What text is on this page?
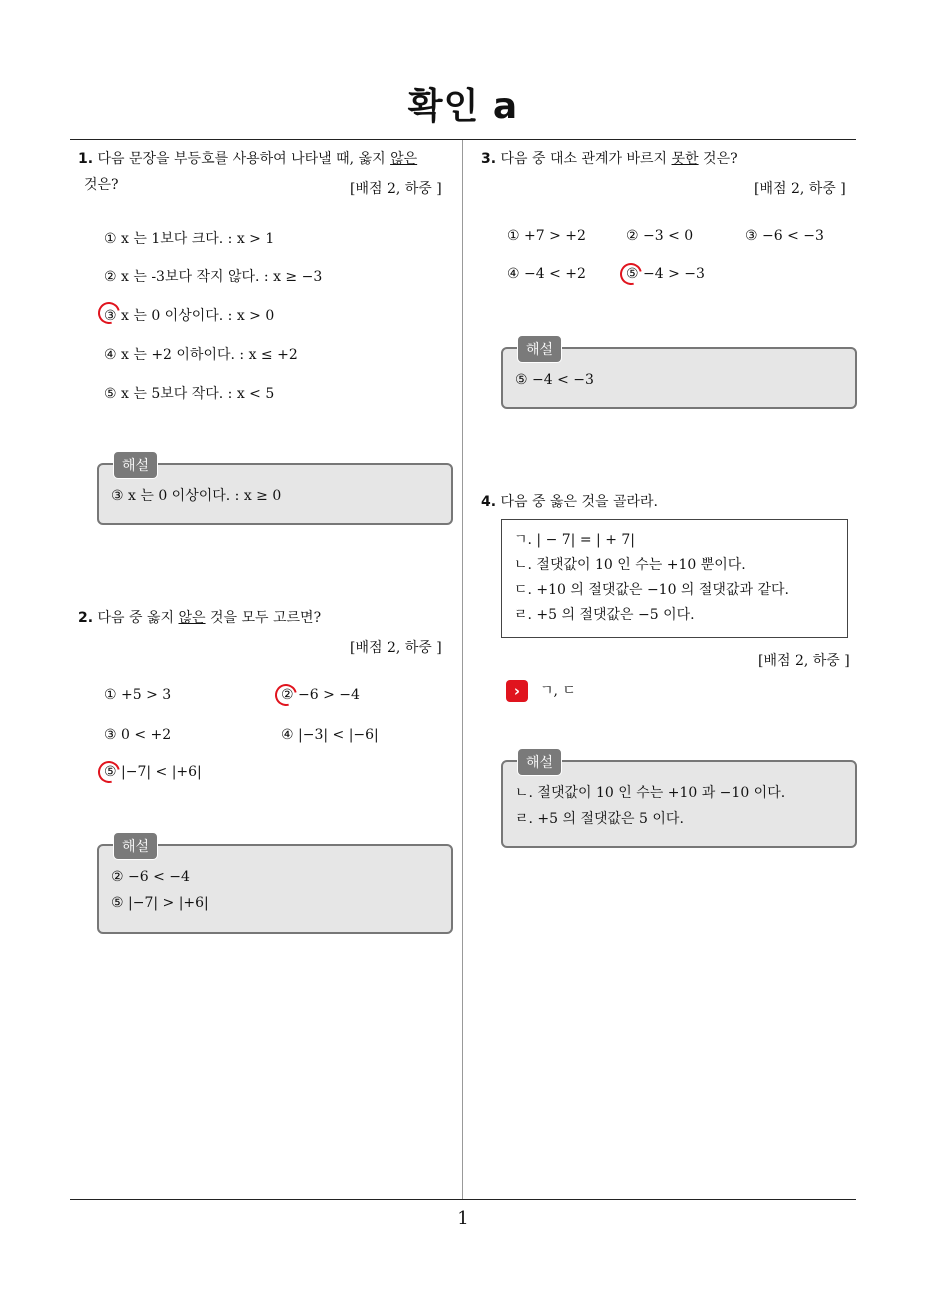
확인 a
1. 다음 문장을 부등호를 사용하여 나타낼 때, 옳지 않은
것은?	[배점 2, 하중 ]
① x 는 1보다 크다. : x > 1
② x 는 -3보다 작지 않다. : x ≥ −3
③ x 는 0 이상이다. : x > 0
④ x 는 +2 이하이다. : x ≤ +2
⑤ x 는 5보다 작다. : x < 5
해설
③ x 는 0 이상이다. : x ≥ 0
2. 다음 중 옳지 않은 것을 모두 고르면?
[배점 2, 하중 ]
① +5 > 3	② −6 > −4
③ 0 < +2	④ |−3| < |−6|
⑤ |−7| < |+6|
해설
② −6 < −4
⑤ |−7| > |+6|
3. 다음 중 대소 관계가 바르지 못한 것은?
[배점 2, 하중 ]
① +7 > +2	② −3 < 0	③ −6 < −3
④ −4 < +2	⑤ −4 > −3
해설
⑤ −4 < −3
4. 다음 중 옳은 것을 골라라.
ㄱ. | − 7| = | + 7|
ㄴ. 절댓값이 10 인 수는 +10 뿐이다.
ㄷ. +10 의 절댓값은 −10 의 절댓값과 같다.
ㄹ. +5 의 절댓값은 −5 이다.
[배점 2, 하중 ]
›	ㄱ, ㄷ
해설
ㄴ. 절댓값이 10 인 수는 +10 과 −10 이다.
ㄹ. +5 의 절댓값은 5 이다.
1
